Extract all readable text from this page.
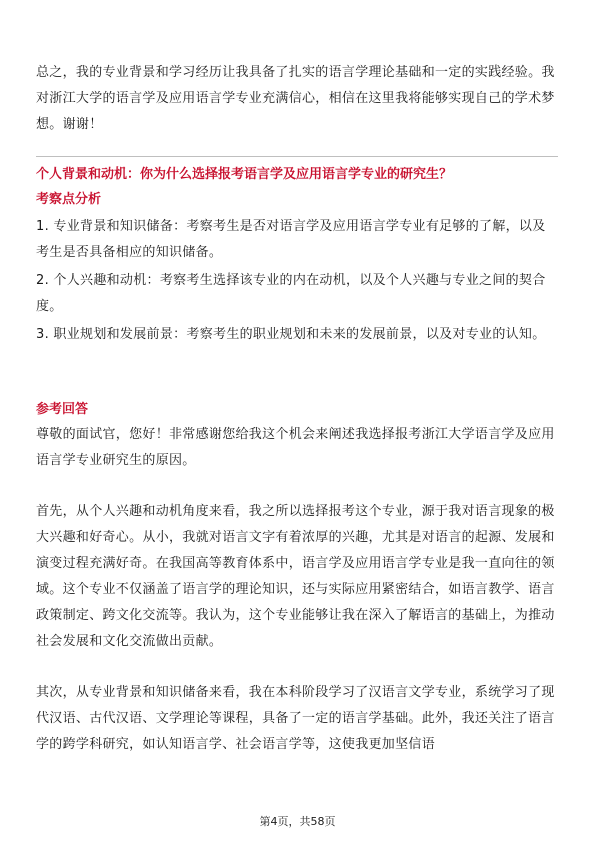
总之，我的专业背景和学习经历让我具备了扎实的语言学理论基础和一定的实践经验。我对浙江大学的语言学及应用语言学专业充满信心，相信在这里我将能够实现自己的学术梦想。谢谢！

个人背景和动机：你为什么选择报考语言学及应用语言学专业的研究生？
考察点分析

1. 专业背景和知识储备：考察考生是否对语言学及应用语言学专业有足够的了解，以及考生是否具备相应的知识储备。

2. 个人兴趣和动机：考察考生选择该专业的内在动机，以及个人兴趣与专业之间的契合度。

3. 职业规划和发展前景：考察考生的职业规划和未来的发展前景，以及对专业的认知。

参考回答

尊敬的面试官，您好！非常感谢您给我这个机会来阐述我选择报考浙江大学语言学及应用语言学专业研究生的原因。

首先，从个人兴趣和动机角度来看，我之所以选择报考这个专业，源于我对语言现象的极大兴趣和好奇心。从小，我就对语言文字有着浓厚的兴趣，尤其是对语言的起源、发展和演变过程充满好奇。在我国高等教育体系中，语言学及应用语言学专业是我一直向往的领域。这个专业不仅涵盖了语言学的理论知识，还与实际应用紧密结合，如语言教学、语言政策制定、跨文化交流等。我认为，这个专业能够让我在深入了解语言的基础上，为推动社会发展和文化交流做出贡献。

其次，从专业背景和知识储备来看，我在本科阶段学习了汉语言文学专业，系统学习了现代汉语、古代汉语、文学理论等课程，具备了一定的语言学基础。此外，我还关注了语言学的跨学科研究，如认知语言学、社会语言学等，这使我更加坚信语

第4页，共58页
